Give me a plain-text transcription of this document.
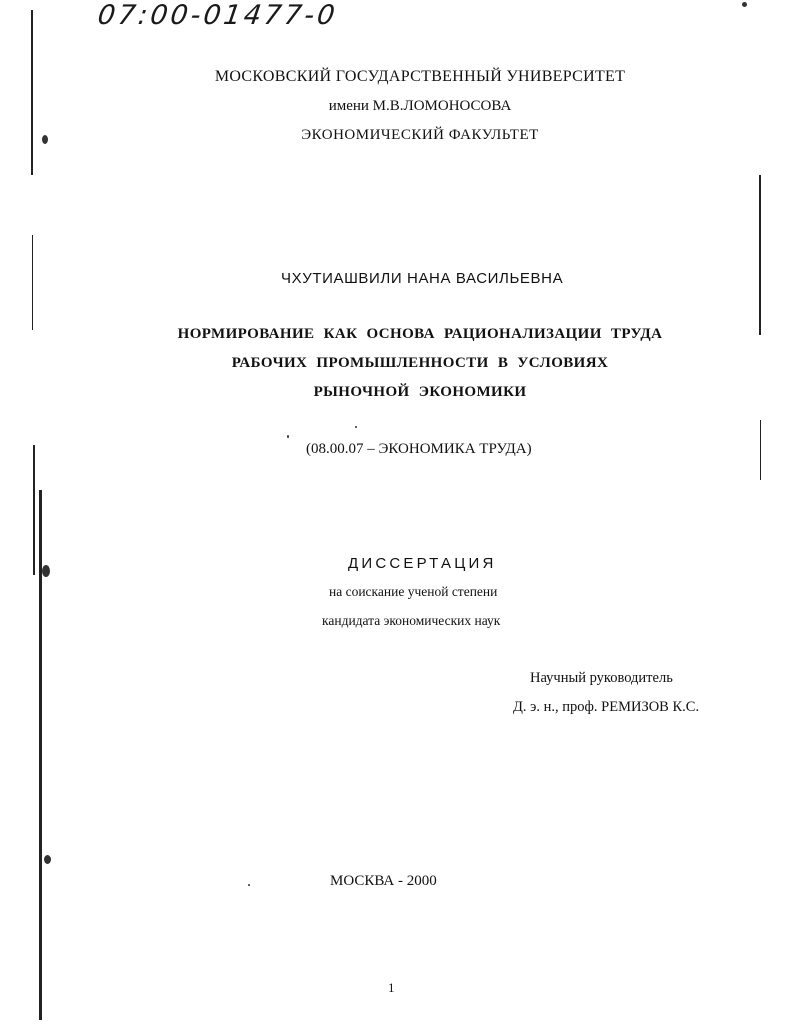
07:00-01477-0
МОСКОВСКИЙ ГОСУДАРСТВЕННЫЙ УНИВЕРСИТЕТ
имени М.В.ЛОМОНОСОВА
ЭКОНОМИЧЕСКИЙ ФАКУЛЬТЕТ
ЧХУТИАШВИЛИ НАНА ВАСИЛЬЕВНА
НОРМИРОВАНИЕ КАК ОСНОВА РАЦИОНАЛИЗАЦИИ ТРУДА
РАБОЧИХ ПРОМЫШЛЕННОСТИ В УСЛОВИЯХ
РЫНОЧНОЙ ЭКОНОМИКИ
(08.00.07 – ЭКОНОМИКА ТРУДА)
ДИССЕРТАЦИЯ
на соискание ученой степени
кандидата экономических наук
Научный руководитель
Д. э. н., проф. РЕМИЗОВ К.С.
МОСКВА - 2000
1
